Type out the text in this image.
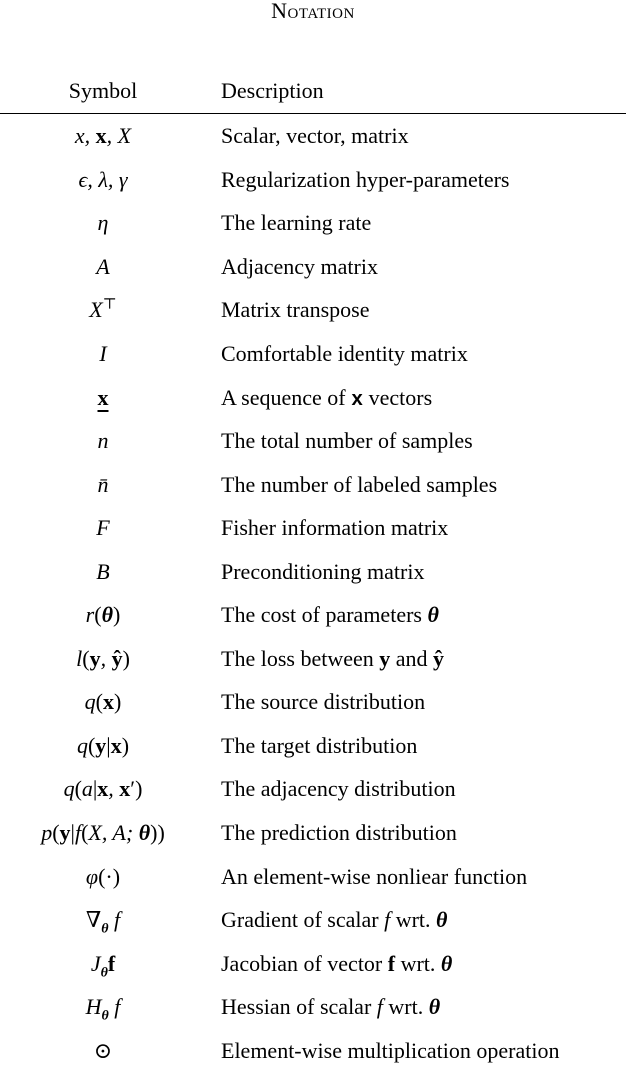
Notation
Symbol	Description
x, x, X	Scalar, vector, matrix
ϵ, λ, γ	Regularization hyper-parameters
η	The learning rate
A	Adjacency matrix
X⊤	Matrix transpose
I	Comfortable identity matrix
x	A sequence of x vectors
n	The total number of samples
n̄	The number of labeled samples
F	Fisher information matrix
B	Preconditioning matrix
r(θ)	The cost of parameters θ
l(y, ŷ)	The loss between y and ŷ
q(x)	The source distribution
q(y|x)	The target distribution
q(a|x, x′)	The adjacency distribution
p(y|f(X, A; θ))	The prediction distribution
φ(·)	An element-wise nonliear function
$\nabla_\theta$ f	Gradient of scalar f wrt. θ
$J_\theta f$	Jacobian of vector f wrt. θ
$H_\theta$ f	Hessian of scalar f wrt. θ
⊙	Element-wise multiplication operation
